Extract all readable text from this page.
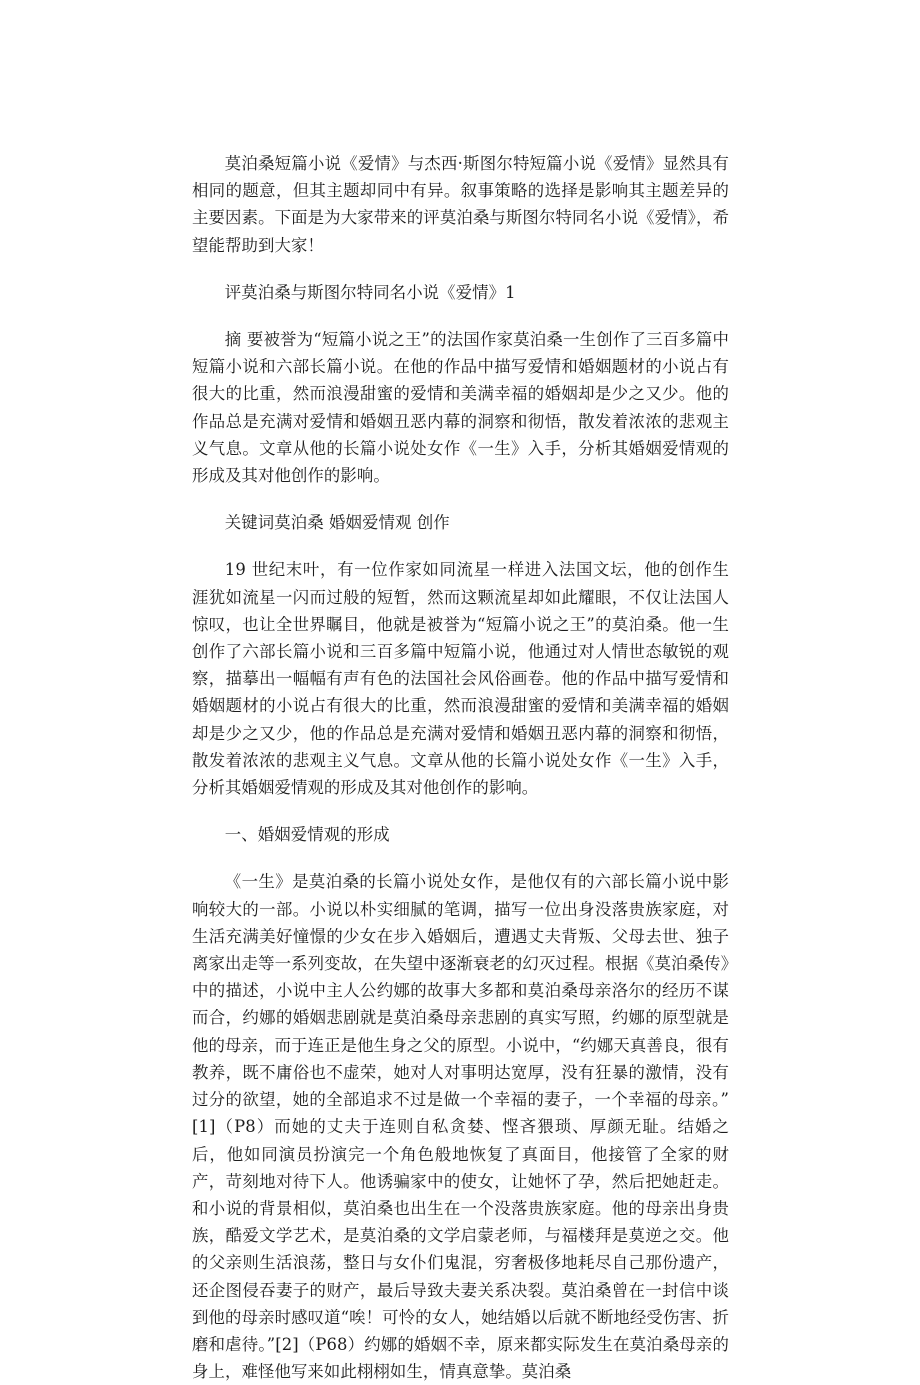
莫泊桑短篇小说《爱情》与杰西·斯图尔特短篇小说《爱情》显然具有相同的题意，但其主题却同中有异。叙事策略的选择是影响其主题差异的主要因素。下面是为大家带来的评莫泊桑与斯图尔特同名小说《爱情》，希望能帮助到大家！

评莫泊桑与斯图尔特同名小说《爱情》1

摘 要被誉为“短篇小说之王”的法国作家莫泊桑一生创作了三百多篇中短篇小说和六部长篇小说。在他的作品中描写爱情和婚姻题材的小说占有很大的比重，然而浪漫甜蜜的爱情和美满幸福的婚姻却是少之又少。他的作品总是充满对爱情和婚姻丑恶内幕的洞察和彻悟，散发着浓浓的悲观主义气息。文章从他的长篇小说处女作《一生》入手，分析其婚姻爱情观的形成及其对他创作的影响。

关键词莫泊桑 婚姻爱情观 创作

19 世纪末叶，有一位作家如同流星一样进入法国文坛，他的创作生涯犹如流星一闪而过般的短暂，然而这颗流星却如此耀眼，不仅让法国人惊叹，也让全世界瞩目，他就是被誉为“短篇小说之王”的莫泊桑。他一生创作了六部长篇小说和三百多篇中短篇小说，他通过对人情世态敏锐的观察，描摹出一幅幅有声有色的法国社会风俗画卷。他的作品中描写爱情和婚姻题材的小说占有很大的比重，然而浪漫甜蜜的爱情和美满幸福的婚姻却是少之又少，他的作品总是充满对爱情和婚姻丑恶内幕的洞察和彻悟，散发着浓浓的悲观主义气息。文章从他的长篇小说处女作《一生》入手，分析其婚姻爱情观的形成及其对他创作的影响。

一、婚姻爱情观的形成

《一生》是莫泊桑的长篇小说处女作，是他仅有的六部长篇小说中影响较大的一部。小说以朴实细腻的笔调，描写一位出身没落贵族家庭，对生活充满美好憧憬的少女在步入婚姻后，遭遇丈夫背叛、父母去世、独子离家出走等一系列变故，在失望中逐渐衰老的幻灭过程。根据《莫泊桑传》中的描述，小说中主人公约娜的故事大多都和莫泊桑母亲洛尔的经历不谋而合，约娜的婚姻悲剧就是莫泊桑母亲悲剧的真实写照，约娜的原型就是他的母亲，而于连正是他生身之父的原型。小说中，“约娜天真善良，很有教养，既不庸俗也不虚荣，她对人对事明达宽厚，没有狂暴的激情，没有过分的欲望，她的全部追求不过是做一个幸福的妻子，一个幸福的母亲。”[1]（P8）而她的丈夫于连则自私贪婪、悭吝猥琐、厚颜无耻。结婚之后，他如同演员扮演完一个角色般地恢复了真面目，他接管了全家的财产，苛刻地对待下人。他诱骗家中的使女，让她怀了孕，然后把她赶走。和小说的背景相似，莫泊桑也出生在一个没落贵族家庭。他的母亲出身贵族，酷爱文学艺术，是莫泊桑的文学启蒙老师，与福楼拜是莫逆之交。他的父亲则生活浪荡，整日与女仆们鬼混，穷奢极侈地耗尽自己那份遗产，还企图侵吞妻子的财产，最后导致夫妻关系决裂。莫泊桑曾在一封信中谈到他的母亲时感叹道“唉！可怜的女人，她结婚以后就不断地经受伤害、折磨和虐待。”[2]（P68）约娜的婚姻不幸，原来都实际发生在莫泊桑母亲的身上，难怪他写来如此栩栩如生，情真意挚。莫泊桑
